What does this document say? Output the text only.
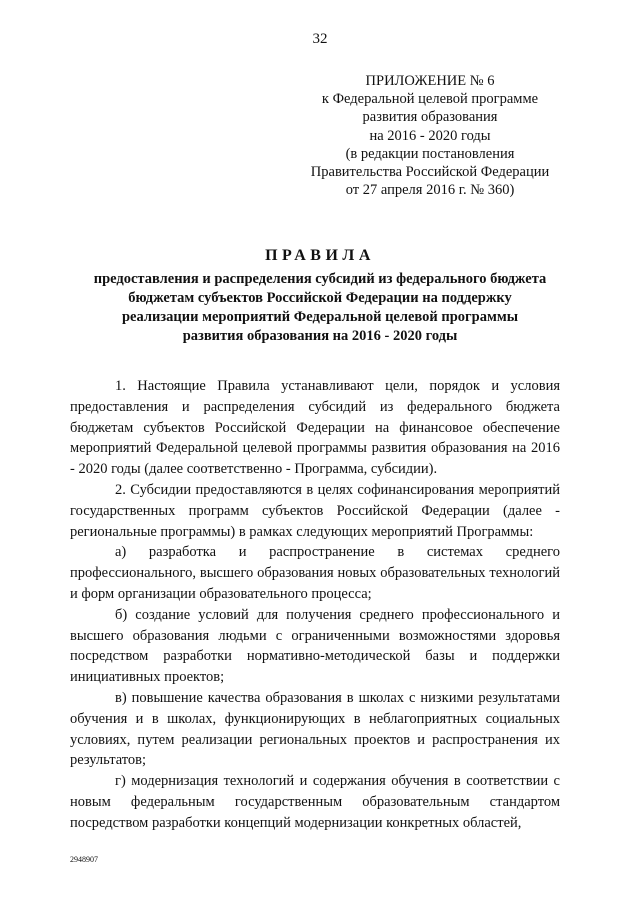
32
ПРИЛОЖЕНИЕ № 6
к Федеральной целевой программе
развития образования
на 2016 - 2020 годы
(в редакции постановления
Правительства Российской Федерации
от 27 апреля 2016 г. № 360)
ПРАВИЛА
предоставления и распределения субсидий из федерального бюджета
бюджетам субъектов Российской Федерации на поддержку
реализации мероприятий Федеральной целевой программы
развития образования на 2016 - 2020 годы

1. Настоящие Правила устанавливают цели, порядок и условия предоставления и распределения субсидий из федерального бюджета бюджетам субъектов Российской Федерации на финансовое обеспечение мероприятий Федеральной целевой программы развития образования на 2016 - 2020 годы (далее соответственно - Программа, субсидии).

2. Субсидии предоставляются в целях софинансирования мероприятий государственных программ субъектов Российской Федерации (далее - региональные программы) в рамках следующих мероприятий Программы:

а) разработка и распространение в системах среднего профессионального, высшего образования новых образовательных технологий и форм организации образовательного процесса;

б) создание условий для получения среднего профессионального и высшего образования людьми с ограниченными возможностями здоровья посредством разработки нормативно-методической базы и поддержки инициативных проектов;

в) повышение качества образования в школах с низкими результатами обучения и в школах, функционирующих в неблагоприятных социальных условиях, путем реализации региональных проектов и распространения их результатов;

г) модернизация технологий и содержания обучения в соответствии с новым федеральным государственным образовательным стандартом посредством разработки концепций модернизации конкретных областей,

2948907
